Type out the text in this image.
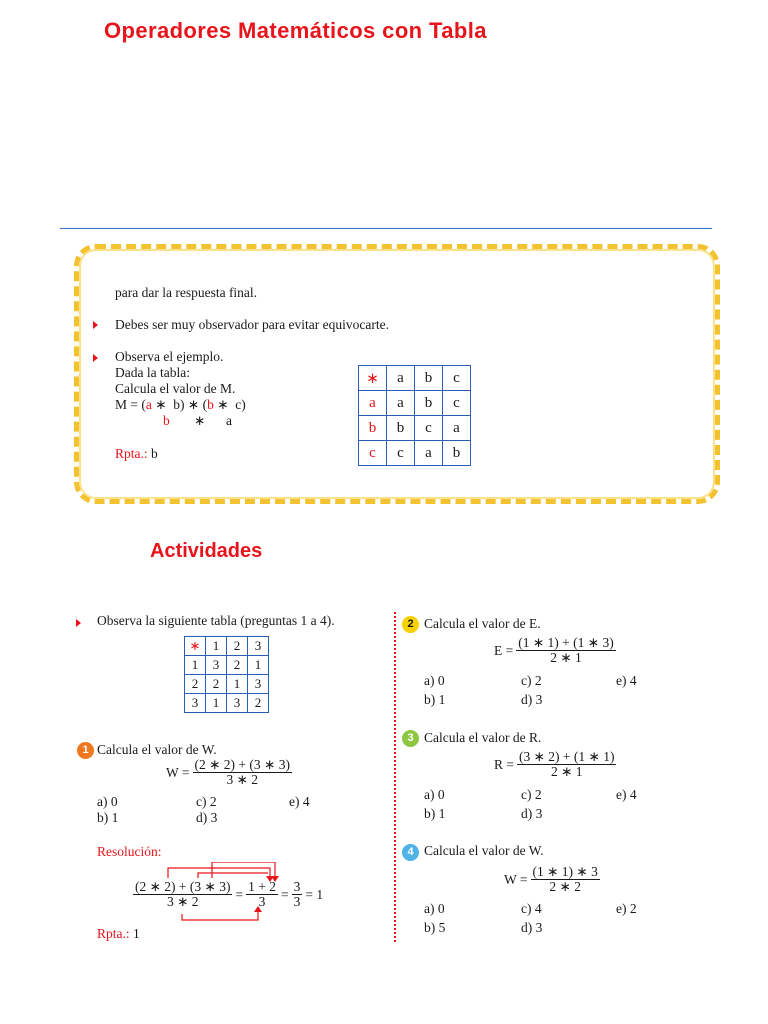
Operadores Matemáticos con Tabla
para dar la respuesta final.
Debes ser muy observador para evitar equivocarte.
Observa el ejemplo.
Dada la tabla:
Calcula el valor de M.
M = (a ∗  b) ∗ (b ∗  c)
b ∗ a
Rpta.: b
∗	a	b	c
a	a	b	c
b	b	c	a
c	c	a	b
Actividades
Observa la siguiente tabla (preguntas 1 a 4).
∗	1	2	3
1	3	2	1
2	2	1	3
3	1	3	2
1 Calcula el valor de W.
$W = \frac{(2 ∗ 2) + (3 ∗ 3)}{3 ∗ 2}$
a) 0	c) 2	e) 4
b) 1	d) 3
Resolución:
$\frac{(2 ∗ 2) + (3 ∗ 3)}{3 ∗ 2} = \frac{1 + 2}{3} = \frac{3}{3} = 1$
Rpta.: 1
2 Calcula el valor de E.
$E = \frac{(1 ∗ 1) + (1 ∗ 3)}{2 ∗ 1}$
a) 0	c) 2	e) 4
b) 1	d) 3
3 Calcula el valor de R.
$R = \frac{(3 ∗ 2) + (1 ∗ 1)}{2 ∗ 1}$
a) 0	c) 2	e) 4
b) 1	d) 3
4 Calcula el valor de W.
$W = \frac{(1 ∗ 1) ∗ 3}{2 ∗ 2}$
a) 0	c) 4	e) 2
b) 5	d) 3
